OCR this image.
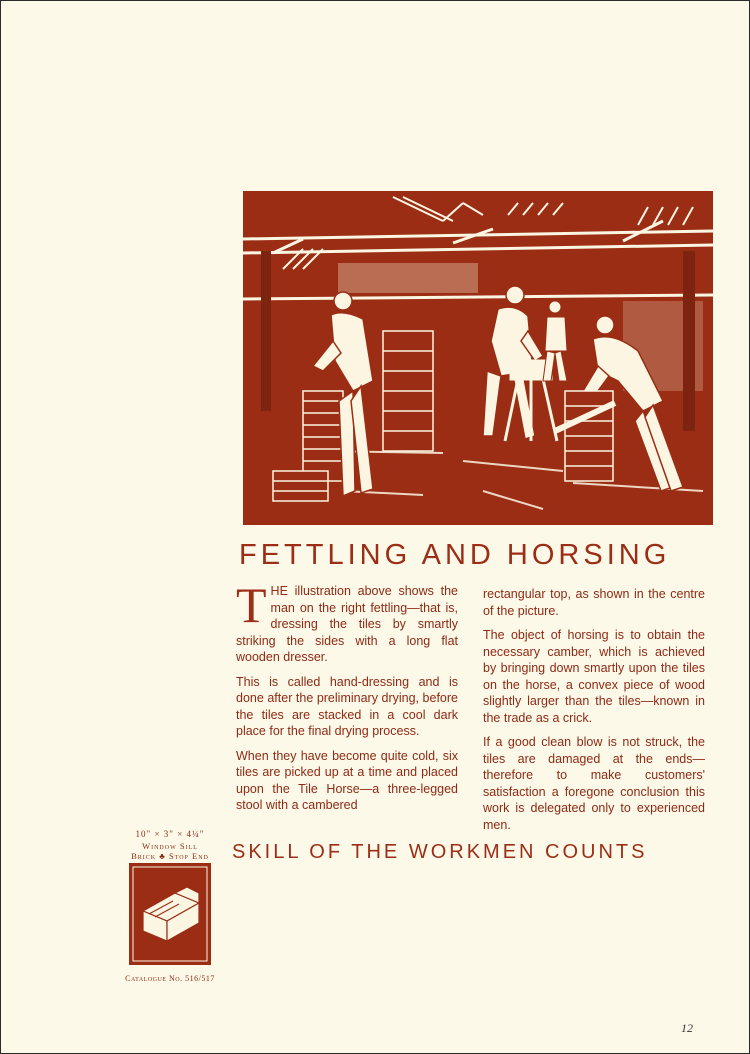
FETTLING AND HORSING

THE illustration above shows the man on the right fettling—that is, dressing the tiles by smartly striking the sides with a long flat wooden dresser.

This is called hand-dressing and is done after the preliminary drying, before the tiles are stacked in a cool dark place for the final drying process.

When they have become quite cold, six tiles are picked up at a time and placed upon the Tile Horse—a three-legged stool with a cambered

rectangular top, as shown in the centre of the picture.

The object of horsing is to obtain the necessary camber, which is achieved by bringing down smartly upon the tiles on the horse, a convex piece of wood slightly larger than the tiles—known in the trade as a crick.

If a good clean blow is not struck, the tiles are damaged at the ends—therefore to make customers' satisfaction a foregone conclusion this work is delegated only to experienced men.

SKILL OF THE WORKMEN COUNTS
10" × 3" × 4¼"
Window Sill
Brick ♣ Stop End
Catalogue No. 516/517
12
